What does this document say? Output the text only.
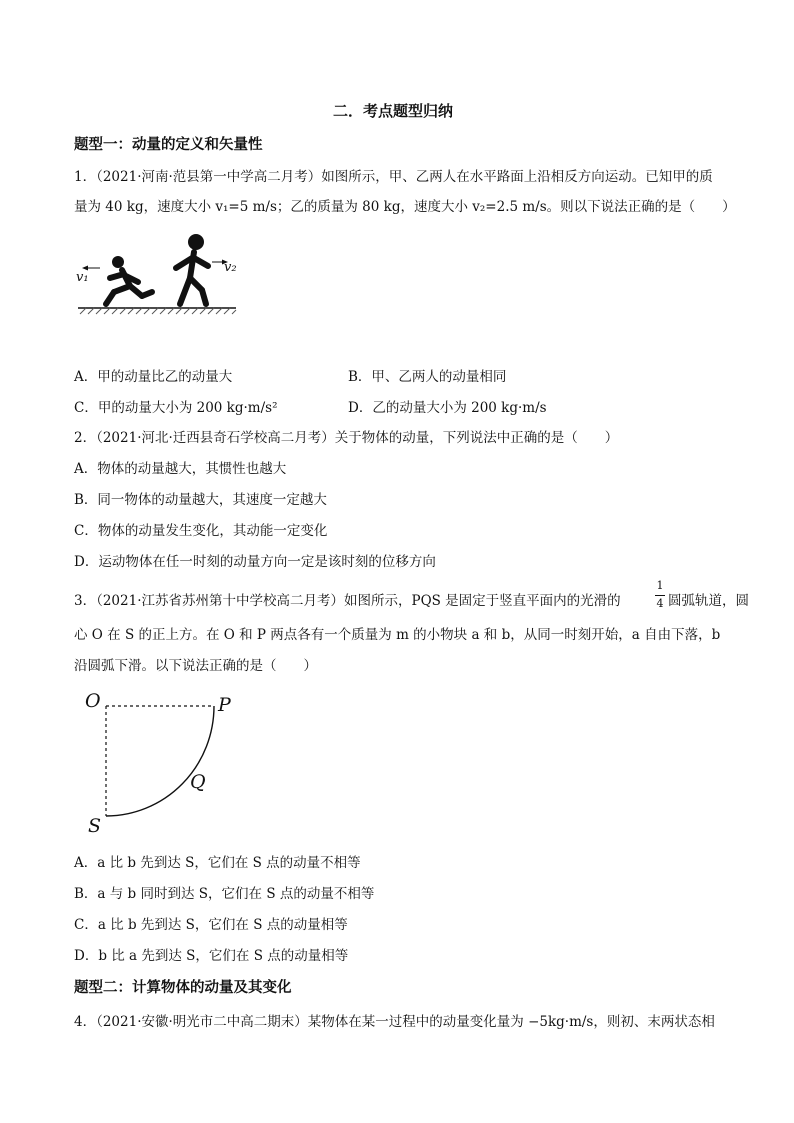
二．考点题型归纳
题型一：动量的定义和矢量性
1．（2021·河南·范县第一中学高二月考）如图所示，甲、乙两人在水平路面上沿相反方向运动。已知甲的质
量为 40 kg，速度大小 v₁=5 m/s；乙的质量为 80 kg，速度大小 v₂=2.5 m/s。则以下说法正确的是（　　）
v₁
v₂
A．甲的动量比乙的动量大	B．甲、乙两人的动量相同
C．甲的动量大小为 200 kg·m/s²	D．乙的动量大小为 200 kg·m/s
2．（2021·河北·迁西县奇石学校高二月考）关于物体的动量，下列说法中正确的是（　　）
A．物体的动量越大，其惯性也越大
B．同一物体的动量越大，其速度一定越大
C．物体的动量发生变化，其动能一定变化
D．运动物体在任一时刻的动量方向一定是该时刻的位移方向
3．（2021·江苏省苏州第十中学校高二月考）如图所示，PQS 是固定于竖直平面内的光滑的
1
4 圆弧轨道，圆
心 O 在 S 的正上方。在 O 和 P 两点各有一个质量为 m 的小物块 a 和 b，从同一时刻开始，a 自由下落，b
沿圆弧下滑。以下说法正确的是（　　）
O	P
Q
S
A．a 比 b 先到达 S，它们在 S 点的动量不相等
B．a 与 b 同时到达 S，它们在 S 点的动量不相等
C．a 比 b 先到达 S，它们在 S 点的动量相等
D．b 比 a 先到达 S，它们在 S 点的动量相等
题型二：计算物体的动量及其变化
4．（2021·安徽·明光市二中高二期末）某物体在某一过程中的动量变化量为 −5kg·m/s，则初、末两状态相
